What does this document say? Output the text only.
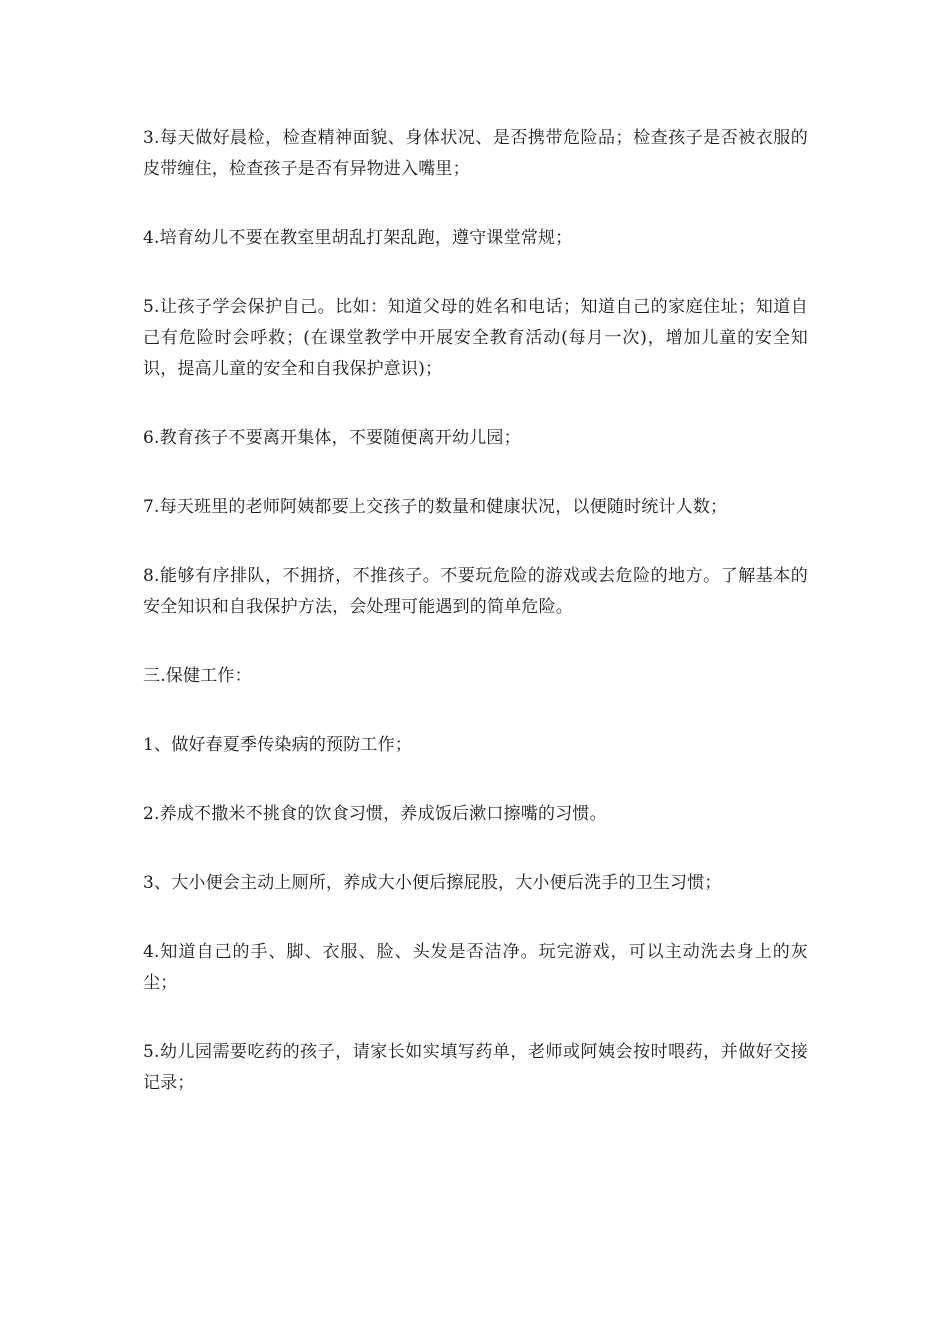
3.每天做好晨检，检查精神面貌、身体状况、是否携带危险品；检查孩子是否被衣服的皮带缠住，检查孩子是否有异物进入嘴里；

4.培育幼儿不要在教室里胡乱打架乱跑，遵守课堂常规；

5.让孩子学会保护自己。比如：知道父母的姓名和电话；知道自己的家庭住址；知道自己有危险时会呼救；(在课堂教学中开展安全教育活动(每月一次)，增加儿童的安全知识，提高儿童的安全和自我保护意识)；

6.教育孩子不要离开集体，不要随便离开幼儿园；

7.每天班里的老师阿姨都要上交孩子的数量和健康状况，以便随时统计人数；

8.能够有序排队，不拥挤，不推孩子。不要玩危险的游戏或去危险的地方。了解基本的安全知识和自我保护方法，会处理可能遇到的简单危险。

三.保健工作：

1、做好春夏季传染病的预防工作；

2.养成不撒米不挑食的饮食习惯，养成饭后漱口擦嘴的习惯。

3、大小便会主动上厕所，养成大小便后擦屁股，大小便后洗手的卫生习惯；

4.知道自己的手、脚、衣服、脸、头发是否洁净。玩完游戏，可以主动洗去身上的灰尘；

5.幼儿园需要吃药的孩子，请家长如实填写药单，老师或阿姨会按时喂药，并做好交接记录；
